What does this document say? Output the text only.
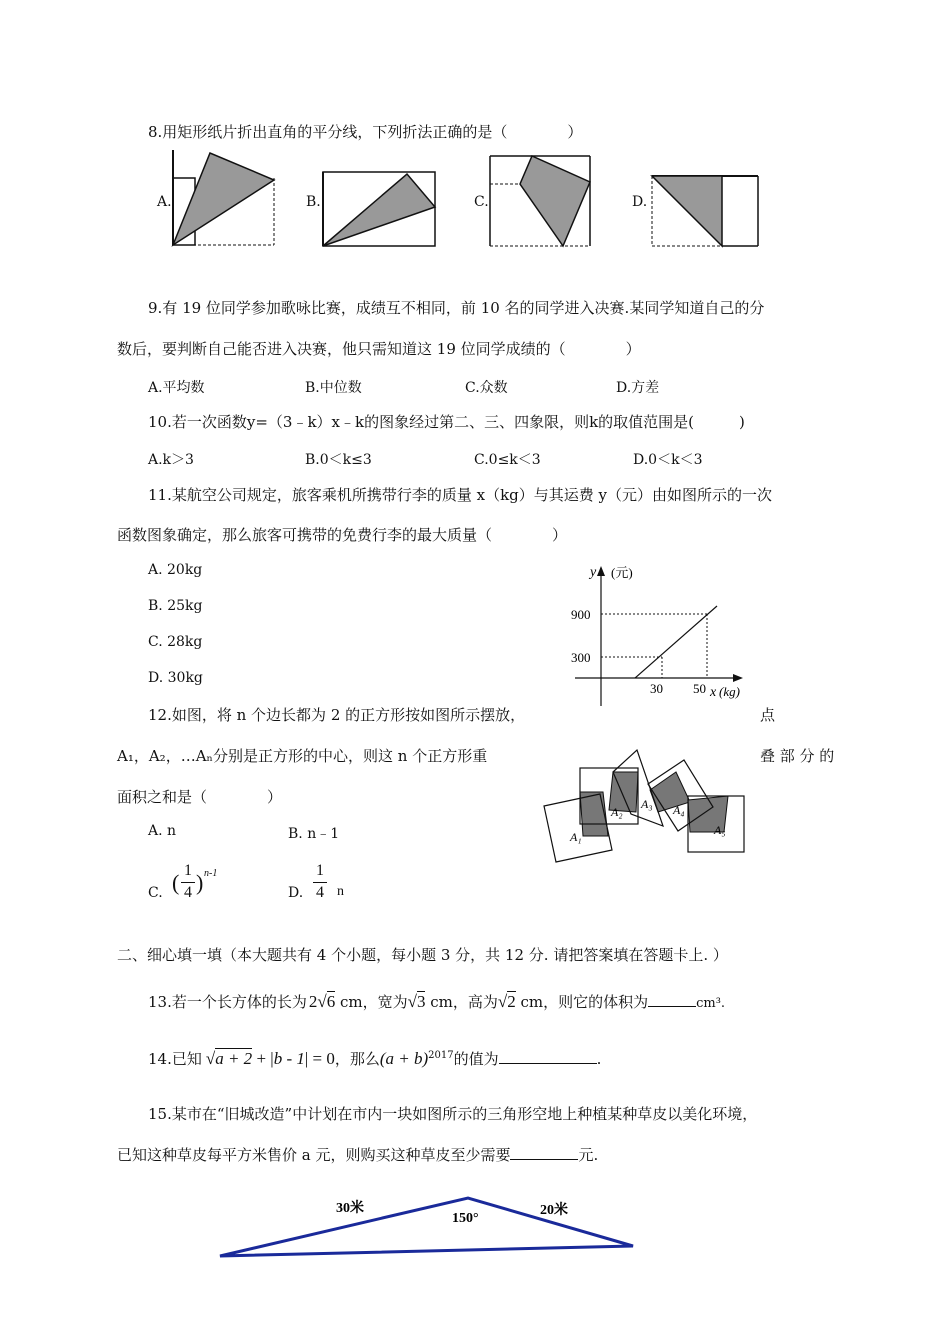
8.用矩形纸片折出直角的平分线，下列折法正确的是（　　　　）
A.	B.	C.	D.
9.有 19 位同学参加歌咏比赛，成绩互不相同，前 10 名的同学进入决赛.某同学知道自己的分
数后，要判断自己能否进入决赛，他只需知道这 19 位同学成绩的（　　　　）
A.平均数	B.中位数	C.众数	D.方差
10.若一次函数y=（3﹣k）x﹣k的图象经过第二、三、四象限，则k的取值范围是(　　　)
A.k＞3	B.0＜k≤3	C.0≤k＜3	D.0＜k＜3
11.某航空公司规定，旅客乘机所携带行李的质量 x（kg）与其运费 y（元）由如图所示的一次
函数图象确定，那么旅客可携带的免费行李的最大质量（　　　　）
A. 20kg
B. 25kg
C. 28kg
D. 30kg
y (元)
x (kg)
900
300
30 50
12.如图，将 n 个边长都为 2 的正方形按如图所示摆放，	点
A₁，A₂，…Aₙ分别是正方形的中心，则这 n 个正方形重	叠 部 分 的
面积之和是（　　　　）
A. n	B. n﹣1
C. ( 1
4 ) n-1
D.
1
4 n
A₁
A₂
A₃ A₄
A₅
二、细心填一填（本大题共有 4 个小题，每小题 3 分，共 12 分. 请把答案填在答题卡上. ）
13.若一个长方体的长为 2√6 cm，宽为√3 cm，高为√2 cm，则它的体积为	cm³.
14.已知 √a + 2 + |b - 1| = 0，那么$(a + b)^{2017}$的值为	.
15.某市在“旧城改造”中计划在市内一块如图所示的三角形空地上种植某种草皮以美化环境，
已知这种草皮每平方米售价 a 元，则购买这种草皮至少需要	元.
30米
150°
20米
